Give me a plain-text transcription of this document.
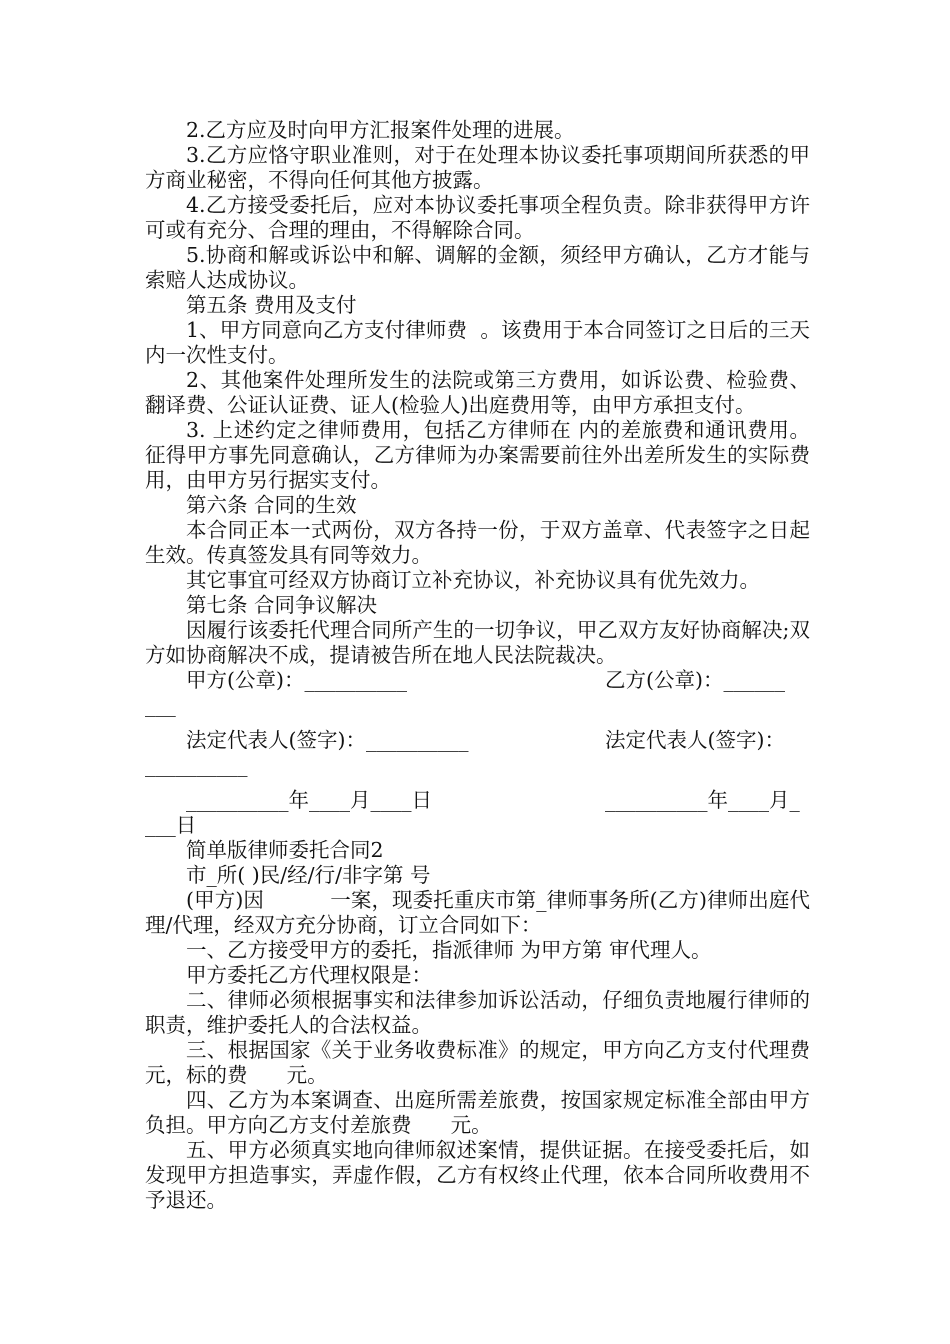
2.乙方应及时向甲方汇报案件处理的进展。

3.乙方应恪守职业准则，对于在处理本协议委托事项期间所获悉的甲方商业秘密，不得向任何其他方披露。

4.乙方接受委托后，应对本协议委托事项全程负责。除非获得甲方许可或有充分、合理的理由，不得解除合同。

5.协商和解或诉讼中和解、调解的金额，须经甲方确认，乙方才能与索赔人达成协议。

第五条 费用及支付

1、甲方同意向乙方支付律师费  。该费用于本合同签订之日后的三天内一次性支付。

2、其他案件处理所发生的法院或第三方费用，如诉讼费、检验费、翻译费、公证认证费、证人(检验人)出庭费用等，由甲方承担支付。

3. 上述约定之律师费用，包括乙方律师在 内的差旅费和通讯费用。征得甲方事先同意确认，乙方律师为办案需要前往外出差所发生的实际费用，由甲方另行据实支付。

第六条 合同的生效

本合同正本一式两份，双方各持一份，于双方盖章、代表签字之日起生效。传真签发具有同等效力。

其它事宜可经双方协商订立补充协议，补充协议具有优先效力。

第七条 合同争议解决

因履行该委托代理合同所产生的一切争议，甲乙双方友好协商解决;双方如协商解决不成，提请被告所在地人民法院裁决。

甲方(公章)：__________

	乙方(公章)：______

___

法定代表人(签字)：__________

	法定代表人(签字)：

__________

__________年____月____日

	__________年____月_

___日

简单版律师委托合同2

市_所( )民/经/行/非字第 号

(甲方)因          一案，现委托重庆市第_律师事务所(乙方)律师出庭代理/代理，经双方充分协商，订立合同如下：

一、乙方接受甲方的委托，指派律师 为甲方第 审代理人。

甲方委托乙方代理权限是：

二、律师必须根据事实和法律参加诉讼活动，仔细负责地履行律师的职责，维护委托人的合法权益。

三、根据国家《关于业务收费标准》的规定，甲方向乙方支付代理费      元，标的费      元。

四、乙方为本案调查、出庭所需差旅费，按国家规定标准全部由甲方负担。甲方向乙方支付差旅费      元。

五、甲方必须真实地向律师叙述案情，提供证据。在接受委托后，如发现甲方担造事实，弄虚作假，乙方有权终止代理，依本合同所收费用不予退还。
